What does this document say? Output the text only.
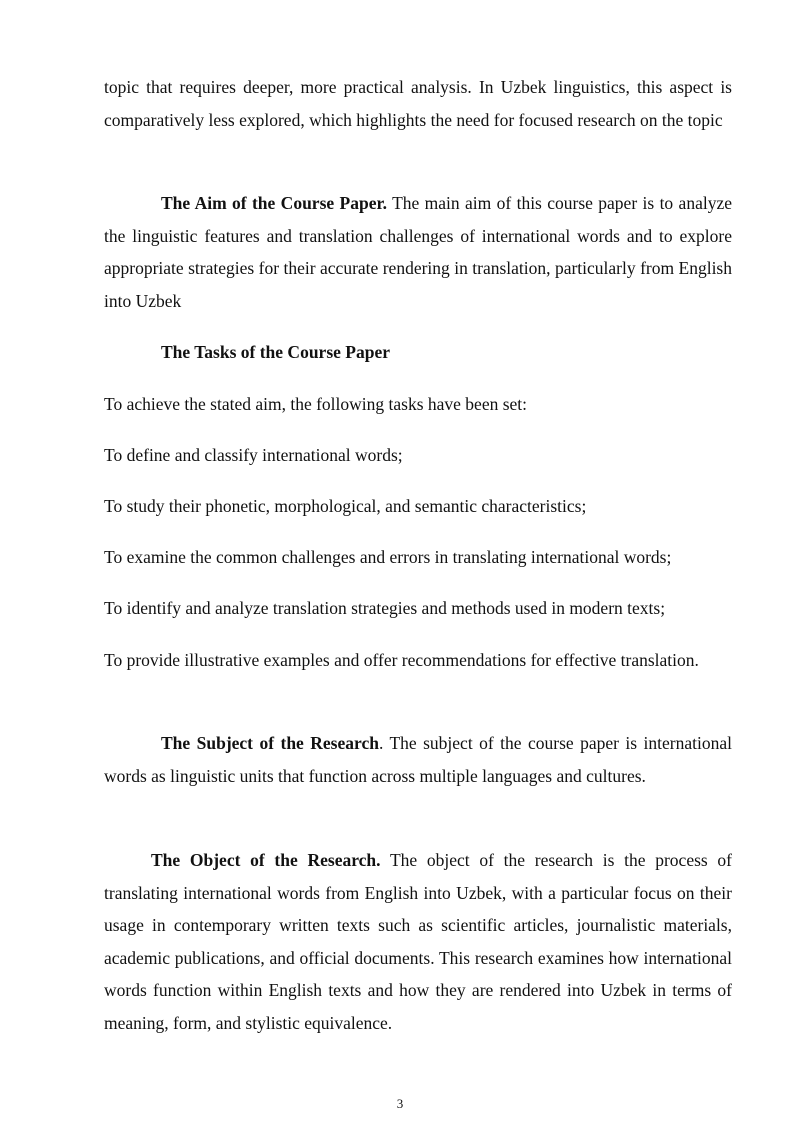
topic that requires deeper, more practical analysis. In Uzbek linguistics, this aspect is comparatively less explored, which highlights the need for focused research on the topic

The Aim of the Course Paper. The main aim of this course paper is to analyze the linguistic features and translation challenges of international words and to explore appropriate strategies for their accurate rendering in translation, particularly from English into Uzbek

The Tasks of the Course Paper

To achieve the stated aim, the following tasks have been set:

To define and classify international words;

To study their phonetic, morphological, and semantic characteristics;

To examine the common challenges and errors in translating international words;

To identify and analyze translation strategies and methods used in modern texts;

To provide illustrative examples and offer recommendations for effective translation.

The Subject of the Research. The subject of the course paper is international words as linguistic units that function across multiple languages and cultures.

The Object of the Research. The object of the research is the process of translating international words from English into Uzbek, with a particular focus on their usage in contemporary written texts such as scientific articles, journalistic materials, academic publications, and official documents. This research examines how international words function within English texts and how they are rendered into Uzbek in terms of meaning, form, and stylistic equivalence.

3
